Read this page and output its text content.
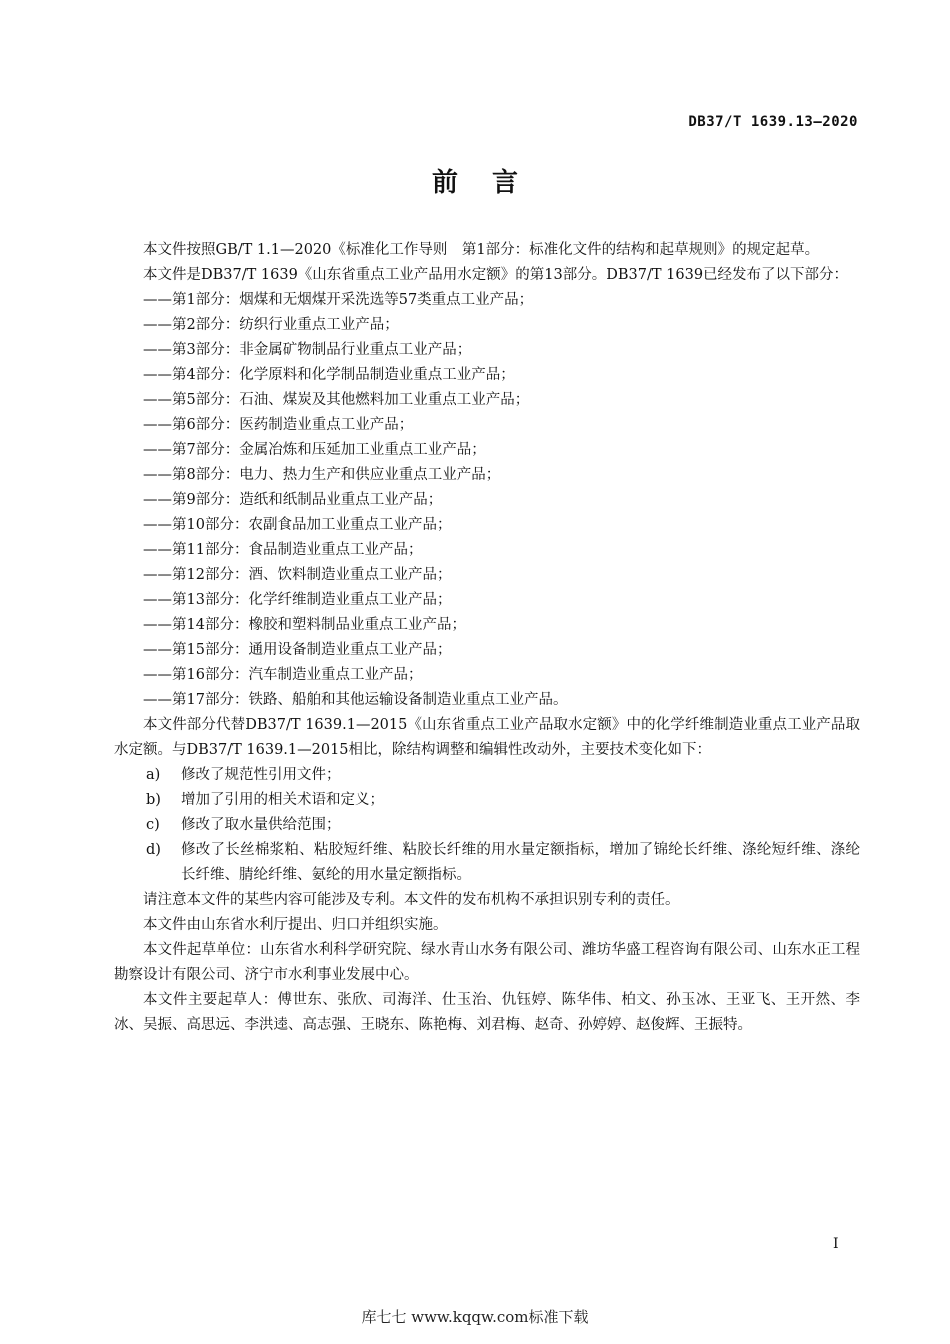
DB37/T 1639.13—2020
前言

本文件按照GB/T 1.1—2020《标准化工作导则　第1部分：标准化文件的结构和起草规则》的规定起草。

本文件是DB37/T 1639《山东省重点工业产品用水定额》的第13部分。DB37/T 1639已经发布了以下部分：

——第1部分：烟煤和无烟煤开采洗选等57类重点工业产品；
——第2部分：纺织行业重点工业产品；
——第3部分：非金属矿物制品行业重点工业产品；
——第4部分：化学原料和化学制品制造业重点工业产品；
——第5部分：石油、煤炭及其他燃料加工业重点工业产品；
——第6部分：医药制造业重点工业产品；
——第7部分：金属冶炼和压延加工业重点工业产品；
——第8部分：电力、热力生产和供应业重点工业产品；
——第9部分：造纸和纸制品业重点工业产品；
——第10部分：农副食品加工业重点工业产品；
——第11部分：食品制造业重点工业产品；
——第12部分：酒、饮料制造业重点工业产品；
——第13部分：化学纤维制造业重点工业产品；
——第14部分：橡胶和塑料制品业重点工业产品；
——第15部分：通用设备制造业重点工业产品；
——第16部分：汽车制造业重点工业产品；
——第17部分：铁路、船舶和其他运输设备制造业重点工业产品。

本文件部分代替DB37/T 1639.1—2015《山东省重点工业产品取水定额》中的化学纤维制造业重点工业产品取水定额。与DB37/T 1639.1—2015相比，除结构调整和编辑性改动外，主要技术变化如下：

a) 修改了规范性引用文件；
b) 增加了引用的相关术语和定义；
c) 修改了取水量供给范围；
d) 修改了长丝棉浆粕、粘胶短纤维、粘胶长纤维的用水量定额指标，增加了锦纶长纤维、涤纶短纤维、涤纶长纤维、腈纶纤维、氨纶的用水量定额指标。

请注意本文件的某些内容可能涉及专利。本文件的发布机构不承担识别专利的责任。

本文件由山东省水利厅提出、归口并组织实施。

本文件起草单位：山东省水利科学研究院、绿水青山水务有限公司、潍坊华盛工程咨询有限公司、山东水正工程勘察设计有限公司、济宁市水利事业发展中心。

本文件主要起草人：傅世东、张欣、司海洋、仕玉治、仇钰婷、陈华伟、柏文、孙玉冰、王亚飞、王开然、李冰、吴振、高思远、李洪逵、高志强、王晓东、陈艳梅、刘君梅、赵奇、孙婷婷、赵俊辉、王振特。

I
库七七 www.kqqw.com标准下载
